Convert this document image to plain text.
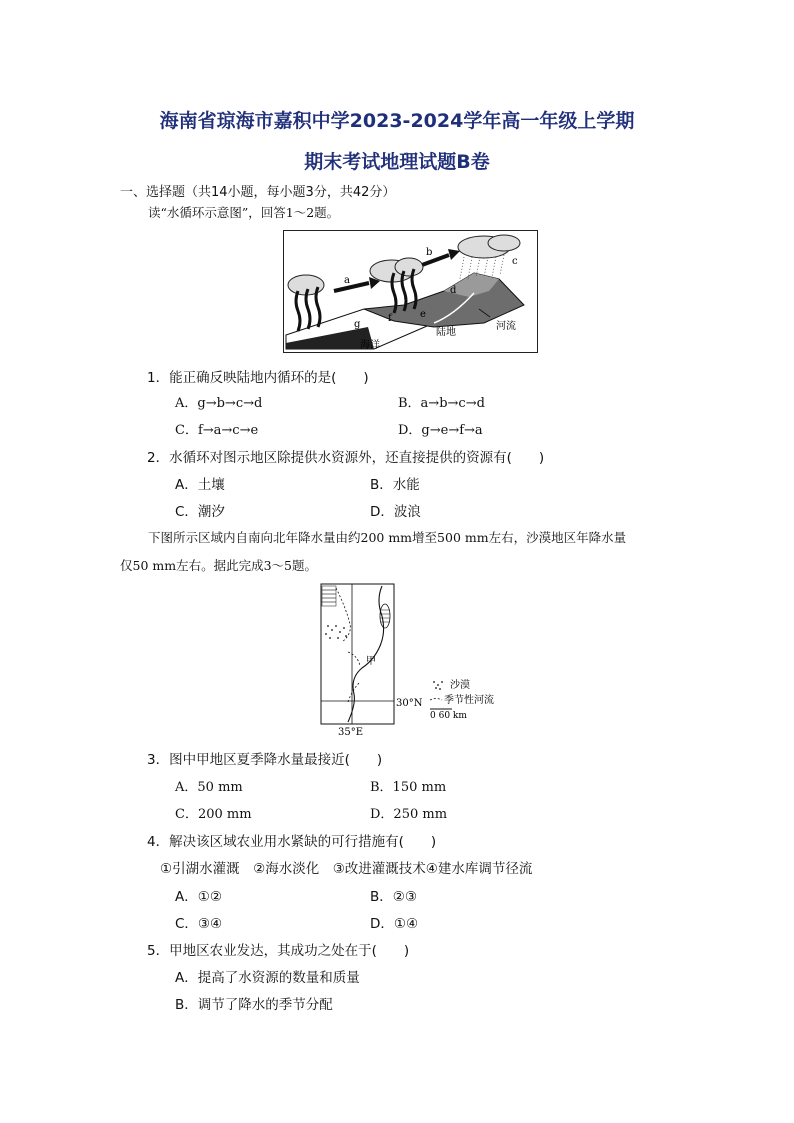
海南省琼海市嘉积中学2023-2024学年高一年级上学期
期末考试地理试题B卷
一、选择题（共14小题，每小题3分，共42分）
读“水循环示意图”，回答1～2题。
a
b
c
d
e
f
g
海洋
陆地
河流
1．能正确反映陆地内循环的是(　　)
A．g→b→c→d	B．a→b→c→d
C．f→a→c→e	D．g→e→f→a
2．水循环对图示地区除提供水资源外，还直接提供的资源有(　　)
A．土壤	B．水能
C．潮汐	D．波浪
下图所示区域内自南向北年降水量由约200 mm增至500 mm左右，沙漠地区年降水量
仅50 mm左右。据此完成3～5题。
甲
30°N
35°E
沙漠
季节性河流
0 60 km
3．图中甲地区夏季降水量最接近(　　)
A．50 mm	B．150 mm
C．200 mm	D．250 mm
4．解决该区域农业用水紧缺的可行措施有(　　)
①引湖水灌溉　②海水淡化　③改进灌溉技术④建水库调节径流
A．①②	B．②③
C．③④	D．①④
5．甲地区农业发达，其成功之处在于(　　)
A．提高了水资源的数量和质量
B．调节了降水的季节分配
